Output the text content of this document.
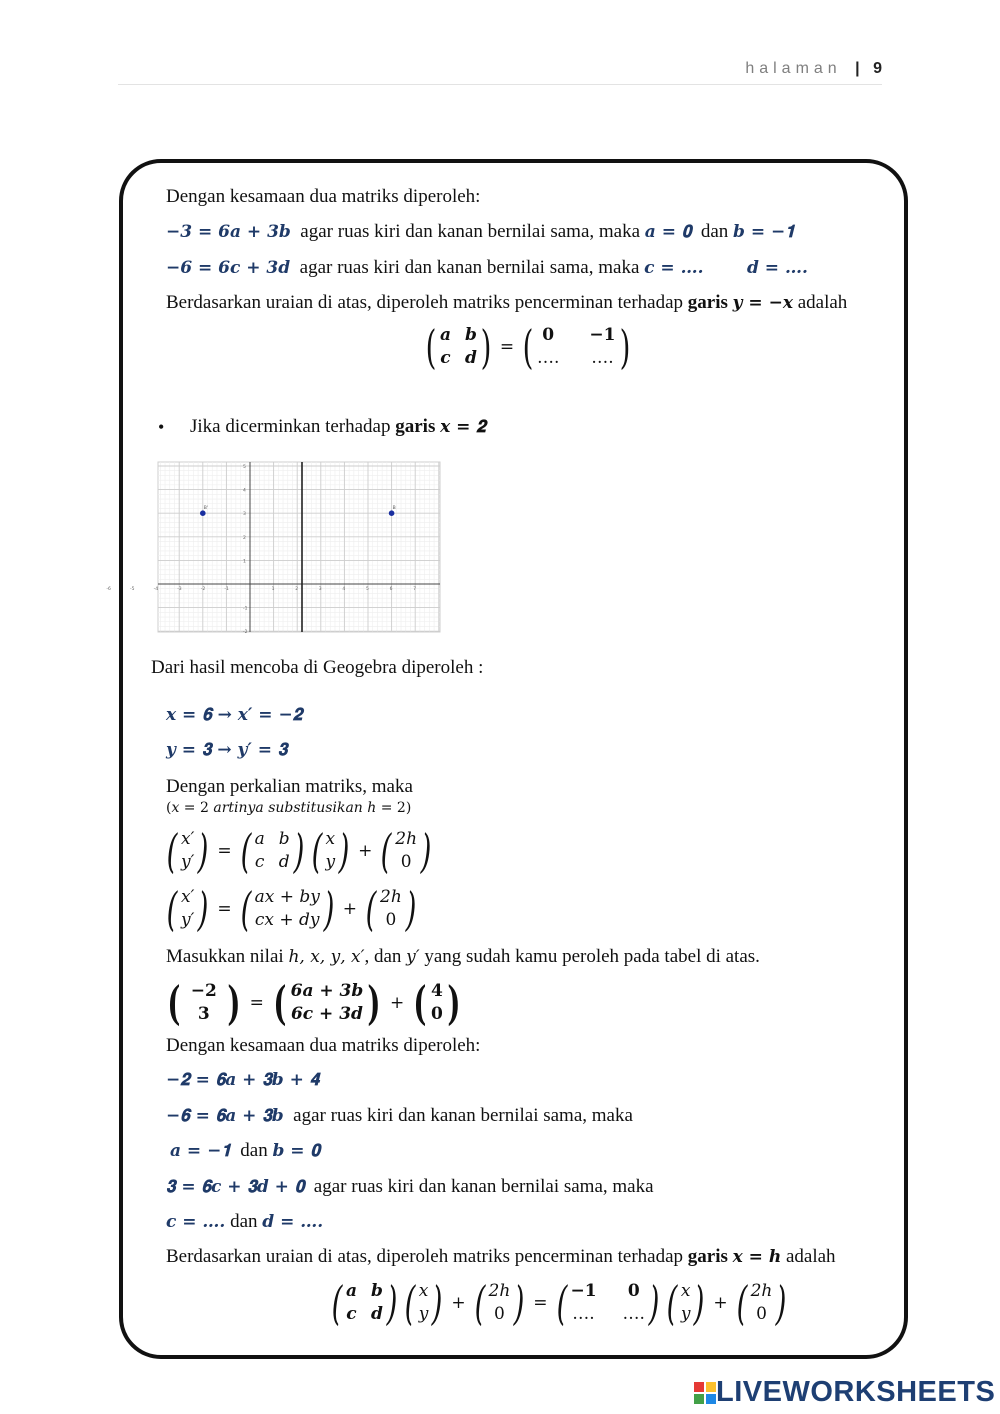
halaman | 9
Dengan kesamaan dua matriks diperoleh:
−3 = 6𝒂 + 3𝒃 agar ruas kiri dan kanan bernilai sama, maka 𝒂 = 𝟎 dan 𝒃 = −𝟏
−6 = 6𝒄 + 3𝒅 agar ruas kiri dan kanan bernilai sama, maka 𝒄 = ….	𝒅 = ….
Berdasarkan uraian di atas, diperoleh matriks pencerminan terhadap garis 𝒚 = −𝒙 adalah
( a b
c d ) = ( 0	−1
…. …. )
• Jika dicerminkan terhadap garis 𝒙 = 𝟐
-6	-5	-4	-3	-2	-1	1	2	3	4	5	6	7
5
4
3
2
1
-1
-2
B'	B
Dari hasil mencoba di Geogebra diperoleh :
𝒙 = 𝟔 → 𝒙′ = −𝟐
𝒚 = 𝟑 → 𝒚′ = 𝟑
Dengan perkalian matriks, maka
(𝑥 = 2 𝑎𝑟𝑡𝑖𝑛𝑦𝑎 𝑠𝑢𝑏𝑠𝑡𝑖𝑡𝑢𝑠𝑖𝑘𝑎𝑛 ℎ = 2)
( x′
y′ ) = ( a b
c d ) ( x
y ) + ( 2h
0 )
( x′
y′ ) = ( ax + by
cx + dy ) + ( 2h
0 )
Masukkan nilai ℎ, 𝑥, 𝑦, 𝑥′, dan 𝑦′ yang sudah kamu peroleh pada tabel di atas.
( −2
3 ) = ( 6a + 3b
6c + 3d ) + ( 4
0 )
Dengan kesamaan dua matriks diperoleh:
−𝟐 = 𝟔𝒂 + 𝟑𝒃 + 𝟒
−𝟔 = 𝟔𝒂 + 𝟑𝒃 agar ruas kiri dan kanan bernilai sama, maka
𝒂 = −𝟏 dan 𝒃 = 𝟎
𝟑 = 𝟔𝒄 + 𝟑𝒅 + 𝟎 agar ruas kiri dan kanan bernilai sama, maka
𝒄 = …. dan 𝒅 = ….
Berdasarkan uraian di atas, diperoleh matriks pencerminan terhadap garis 𝒙 = 𝒉 adalah
( a b
c d ) ( x
y ) + ( 2h
0 ) = ( −1	0
…. …. ) ( x
y ) + ( 2h
0 )
LIVEWORKSHEETS
